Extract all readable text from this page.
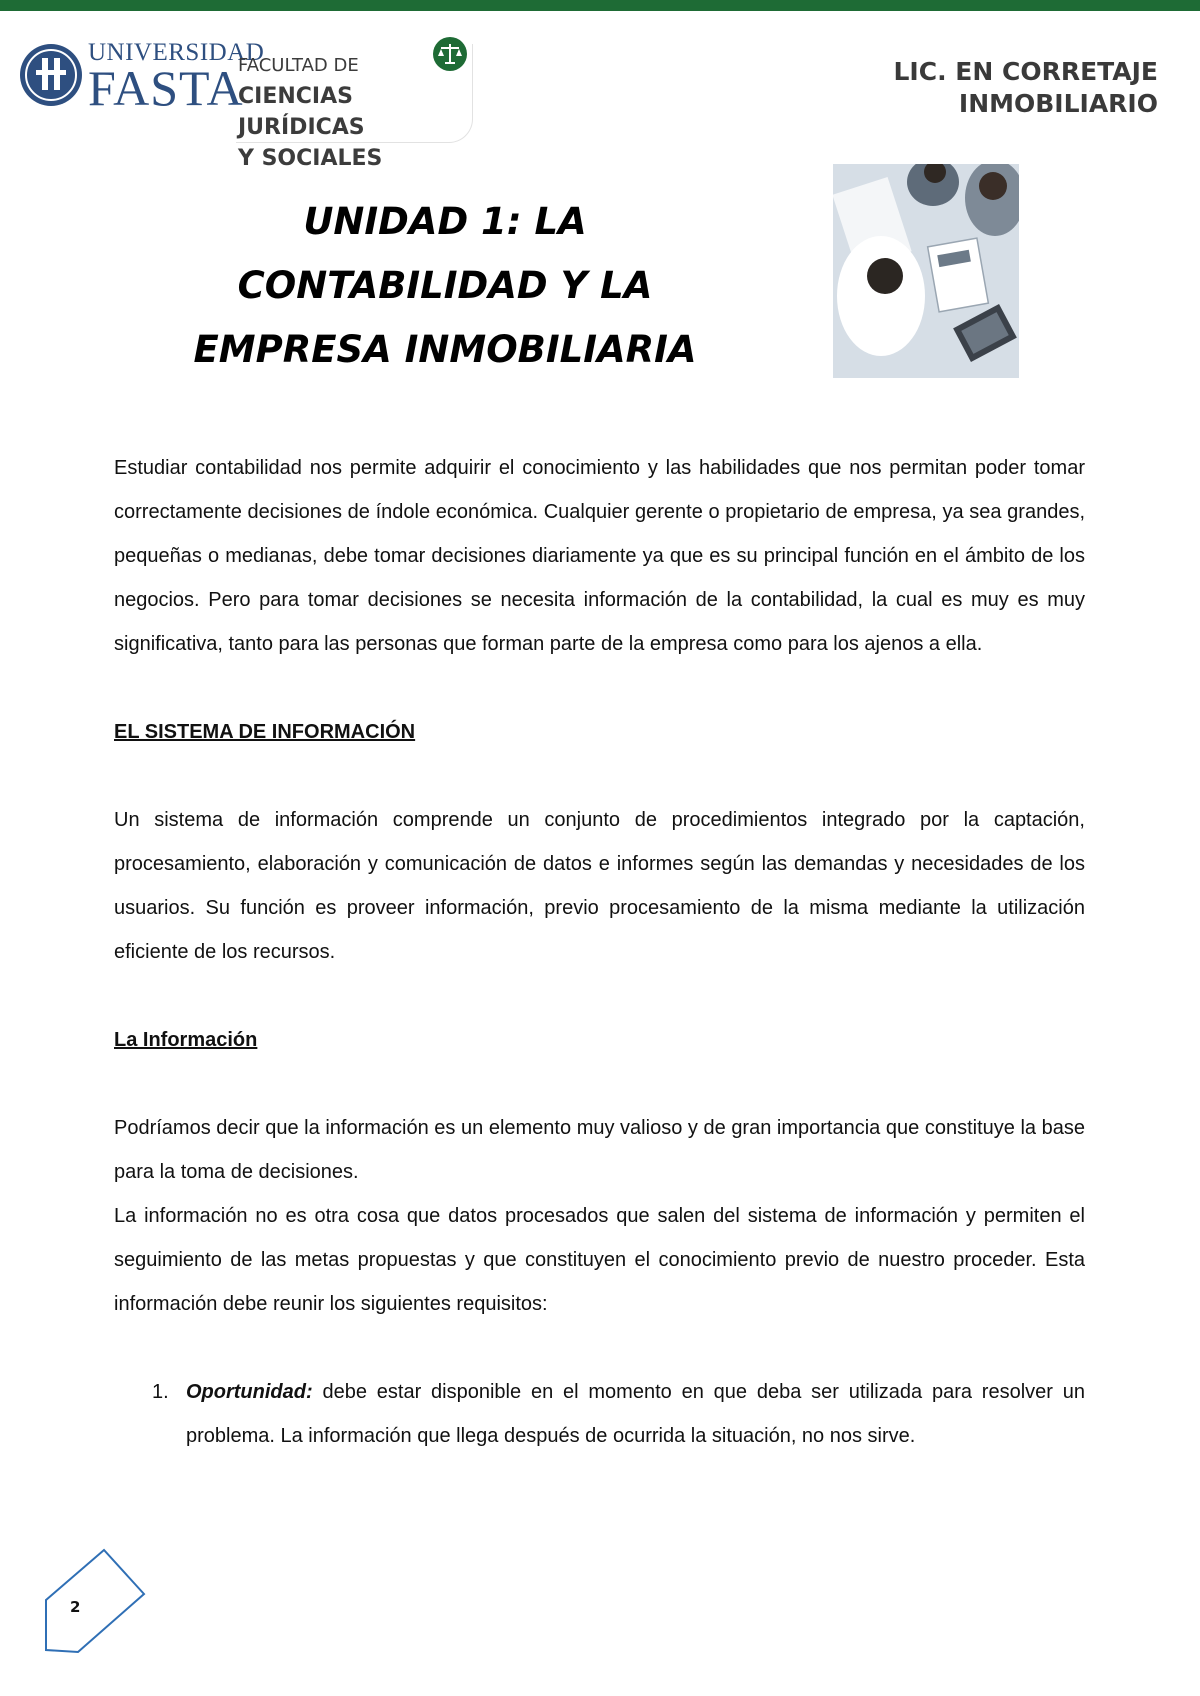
UNIVERSIDAD
FASTA
FACULTAD DE
CIENCIAS JURÍDICAS
Y SOCIALES
LIC. EN CORRETAJE
INMOBILIARIO
UNIDAD 1: LA
CONTABILIDAD Y LA
EMPRESA INMOBILIARIA

Estudiar contabilidad nos permite adquirir el conocimiento y las habilidades que nos permitan poder tomar correctamente decisiones de índole económica. Cualquier gerente o propietario de empresa, ya sea grandes, pequeñas o medianas, debe tomar decisiones diariamente ya que es su principal función en el ámbito de los negocios. Pero para tomar decisiones se necesita información de la contabilidad, la cual es muy es muy significativa, tanto para las personas que forman parte de la empresa como para los ajenos a ella.

EL SISTEMA DE INFORMACIÓN

Un sistema de información comprende un conjunto de procedimientos integrado por la captación, procesamiento, elaboración y comunicación de datos e informes según las demandas y necesidades de los usuarios. Su función es proveer información, previo procesamiento de la misma mediante la utilización eficiente de los recursos.

La Información

Podríamos decir que la información es un elemento muy valioso y de gran importancia que constituye la base para la toma de decisiones.

La información no es otra cosa que datos procesados que salen del sistema de información y permiten el seguimiento de las metas propuestas y que constituyen el conocimiento previo de nuestro proceder. Esta información debe reunir los siguientes requisitos:

1. Oportunidad: debe estar disponible en el momento en que deba ser utilizada para resolver un problema. La información que llega después de ocurrida la situación, no nos sirve.
2
